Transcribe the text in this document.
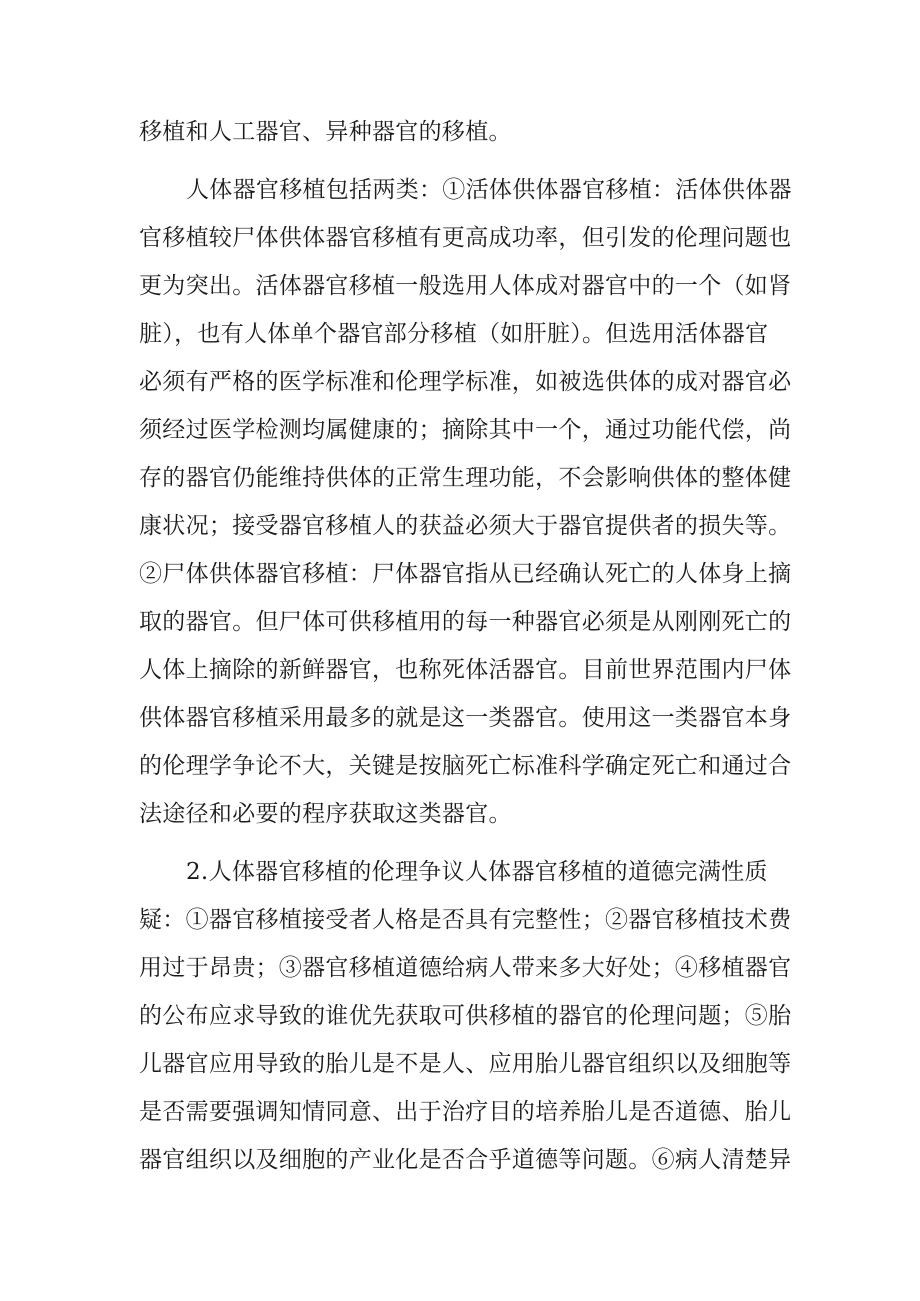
移植和人工器官、异种器官的移植。
人体器官移植包括两类：①活体供体器官移植：活体供体器
官移植较尸体供体器官移植有更高成功率，但引发的伦理问题也
更为突出。活体器官移植一般选用人体成对器官中的一个（如肾
脏），也有人体单个器官部分移植（如肝脏）。但选用活体器官
必须有严格的医学标准和伦理学标准，如被选供体的成对器官必
须经过医学检测均属健康的；摘除其中一个，通过功能代偿，尚
存的器官仍能维持供体的正常生理功能，不会影响供体的整体健
康状况；接受器官移植人的获益必须大于器官提供者的损失等。
②尸体供体器官移植：尸体器官指从已经确认死亡的人体身上摘
取的器官。但尸体可供移植用的每一种器官必须是从刚刚死亡的
人体上摘除的新鲜器官，也称死体活器官。目前世界范围内尸体
供体器官移植采用最多的就是这一类器官。使用这一类器官本身
的伦理学争论不大，关键是按脑死亡标准科学确定死亡和通过合
法途径和必要的程序获取这类器官。
2.人体器官移植的伦理争议人体器官移植的道德完满性质
疑：①器官移植接受者人格是否具有完整性；②器官移植技术费
用过于昂贵；③器官移植道德给病人带来多大好处；④移植器官
的公布应求导致的谁优先获取可供移植的器官的伦理问题；⑤胎
儿器官应用导致的胎儿是不是人、应用胎儿器官组织以及细胞等
是否需要强调知情同意、出于治疗目的培养胎儿是否道德、胎儿
器官组织以及细胞的产业化是否合乎道德等问题。⑥病人清楚异
